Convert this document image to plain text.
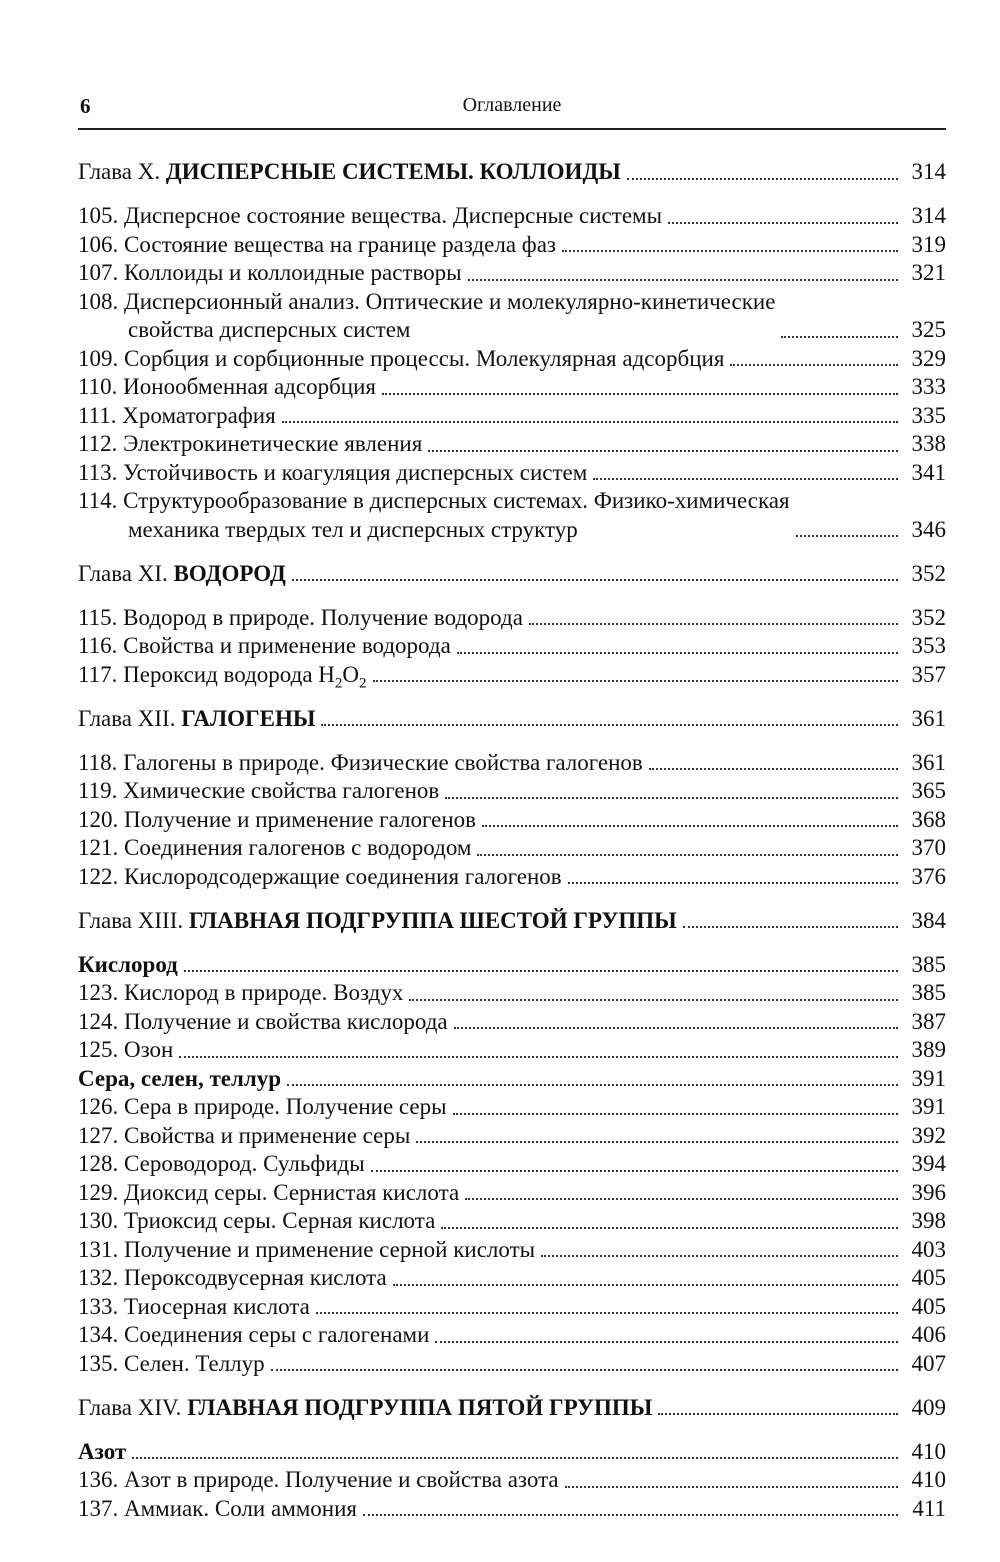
6	Оглавление
Глава X. ДИСПЕРСНЫЕ СИСТЕМЫ. КОЛЛОИДЫ	314
105. Дисперсное состояние вещества. Дисперсные системы	314
106. Состояние вещества на границе раздела фаз	319
107. Коллоиды и коллоидные растворы	321
108. Дисперсионный анализ. Оптические и молекулярно-кинетические
свойства дисперсных систем	325
109. Сорбция и сорбционные процессы. Молекулярная адсорбция	329
110. Ионообменная адсорбция	333
111. Хроматография	335
112. Электрокинетические явления	338
113. Устойчивость и коагуляция дисперсных систем	341
114. Структурообразование в дисперсных системах. Физико-химическая
механика твердых тел и дисперсных структур	346
Глава XI. ВОДОРОД	352
115. Водород в природе. Получение водорода	352
116. Свойства и применение водорода	353
117. Пероксид водорода $H_2O_2$	357
Глава XII. ГАЛОГЕНЫ	361
118. Галогены в природе. Физические свойства галогенов	361
119. Химические свойства галогенов	365
120. Получение и применение галогенов	368
121. Соединения галогенов с водородом	370
122. Кислородсодержащие соединения галогенов	376
Глава XIII. ГЛАВНАЯ ПОДГРУППА ШЕСТОЙ ГРУППЫ	384
Кислород	385
123. Кислород в природе. Воздух	385
124. Получение и свойства кислорода	387
125. Озон	389
Сера, селен, теллур	391
126. Сера в природе. Получение серы	391
127. Свойства и применение серы	392
128. Сероводород. Сульфиды	394
129. Диоксид серы. Сернистая кислота	396
130. Триоксид серы. Серная кислота	398
131. Получение и применение серной кислоты	403
132. Пероксодвусерная кислота	405
133. Тиосерная кислота	405
134. Соединения серы с галогенами	406
135. Селен. Теллур	407
Глава XIV. ГЛАВНАЯ ПОДГРУППА ПЯТОЙ ГРУППЫ	409
Азот	410
136. Азот в природе. Получение и свойства азота	410
137. Аммиак. Соли аммония	411
